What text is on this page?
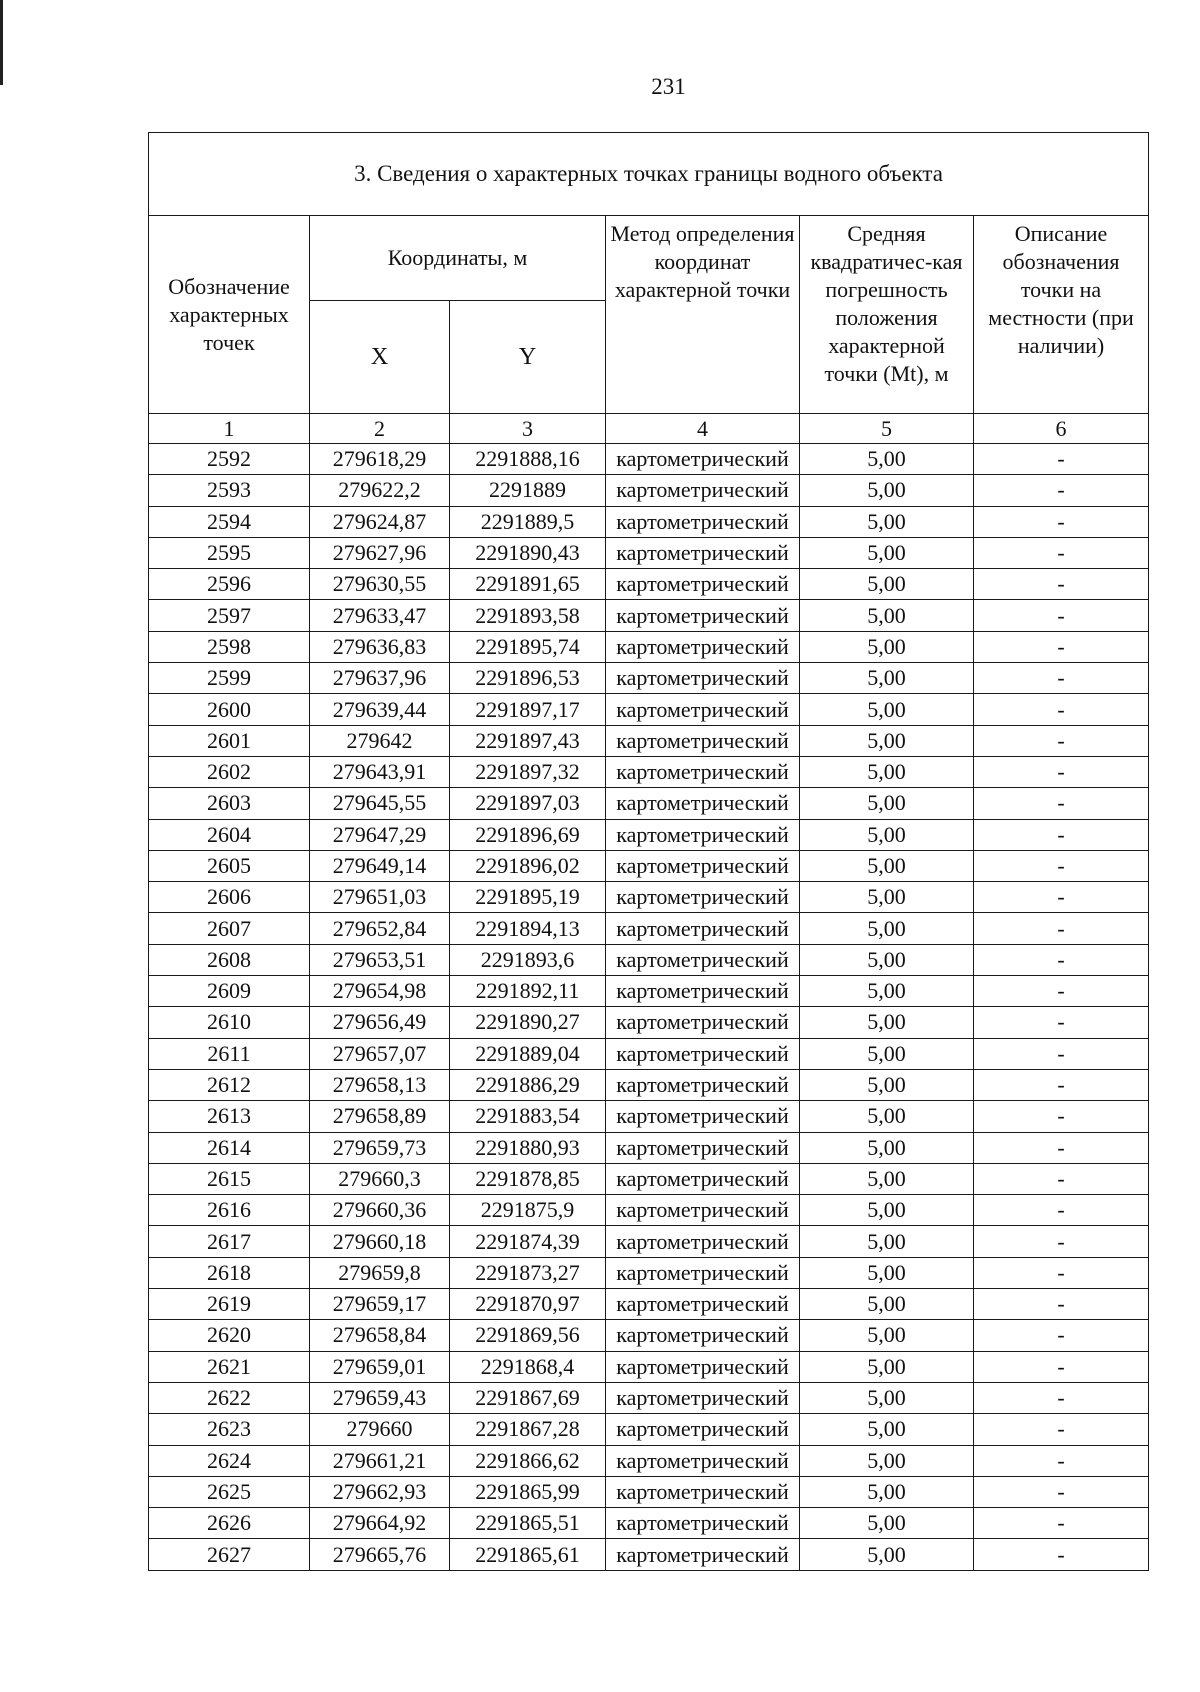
231
3. Сведения о характерных точках границы водного объекта					
Обозначение характерных точек	Координаты, м		Метод определения координат характерной точки	Средняя квадратичес-кая погрешность положения характерной точки (Mt), м	Описание обозначения точки на местности (при наличии)
	X	Y			
1	2	3	4	5	6
2592	279618,29	2291888,16	картометрический	5,00	-
2593	279622,2	2291889	картометрический	5,00	-
2594	279624,87	2291889,5	картометрический	5,00	-
2595	279627,96	2291890,43	картометрический	5,00	-
2596	279630,55	2291891,65	картометрический	5,00	-
2597	279633,47	2291893,58	картометрический	5,00	-
2598	279636,83	2291895,74	картометрический	5,00	-
2599	279637,96	2291896,53	картометрический	5,00	-
2600	279639,44	2291897,17	картометрический	5,00	-
2601	279642	2291897,43	картометрический	5,00	-
2602	279643,91	2291897,32	картометрический	5,00	-
2603	279645,55	2291897,03	картометрический	5,00	-
2604	279647,29	2291896,69	картометрический	5,00	-
2605	279649,14	2291896,02	картометрический	5,00	-
2606	279651,03	2291895,19	картометрический	5,00	-
2607	279652,84	2291894,13	картометрический	5,00	-
2608	279653,51	2291893,6	картометрический	5,00	-
2609	279654,98	2291892,11	картометрический	5,00	-
2610	279656,49	2291890,27	картометрический	5,00	-
2611	279657,07	2291889,04	картометрический	5,00	-
2612	279658,13	2291886,29	картометрический	5,00	-
2613	279658,89	2291883,54	картометрический	5,00	-
2614	279659,73	2291880,93	картометрический	5,00	-
2615	279660,3	2291878,85	картометрический	5,00	-
2616	279660,36	2291875,9	картометрический	5,00	-
2617	279660,18	2291874,39	картометрический	5,00	-
2618	279659,8	2291873,27	картометрический	5,00	-
2619	279659,17	2291870,97	картометрический	5,00	-
2620	279658,84	2291869,56	картометрический	5,00	-
2621	279659,01	2291868,4	картометрический	5,00	-
2622	279659,43	2291867,69	картометрический	5,00	-
2623	279660	2291867,28	картометрический	5,00	-
2624	279661,21	2291866,62	картометрический	5,00	-
2625	279662,93	2291865,99	картометрический	5,00	-
2626	279664,92	2291865,51	картометрический	5,00	-
2627	279665,76	2291865,61	картометрический	5,00	-
